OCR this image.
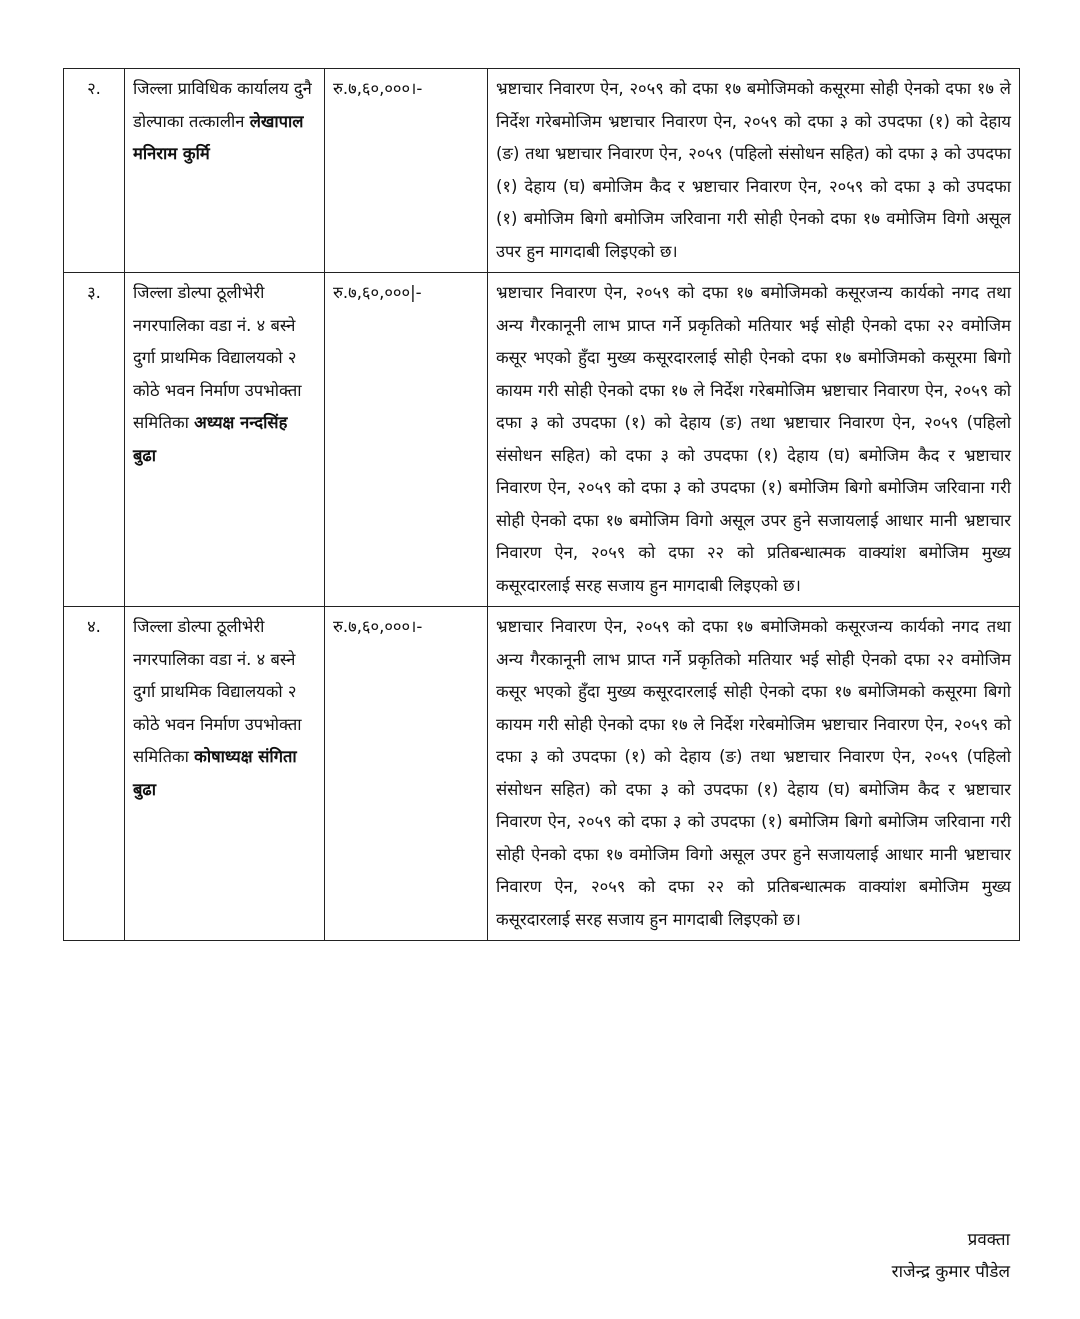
२.	जिल्ला प्राविधिक कार्यालय दुनै डोल्पाका तत्कालीन लेखापाल मनिराम कुर्मि	रु.७,६०,०००।-	भ्रष्टाचार निवारण ऐन, २०५९ को दफा १७ बमोजिमको कसूरमा सोही ऐनको दफा १७ ले निर्देश गरेबमोजिम भ्रष्टाचार निवारण ऐन, २०५९ को दफा ३ को उपदफा (१) को देहाय (ङ) तथा भ्रष्टाचार निवारण ऐन, २०५९ (पहिलो संसोधन सहित) को दफा ३ को उपदफा (१) देहाय (घ) बमोजिम कैद र भ्रष्टाचार निवारण ऐन, २०५९ को दफा ३ को उपदफा (१) बमोजिम बिगो बमोजिम जरिवाना गरी सोही ऐनको दफा १७ वमोजिम विगो असूल उपर हुन मागदाबी लिइएको छ।
३.	जिल्ला डोल्पा ठूलीभेरी नगरपालिका वडा नं. ४ बस्ने दुर्गा प्राथमिक विद्यालयको २ कोठे भवन निर्माण उपभोक्ता समितिका अध्यक्ष नन्दसिंह बुढा	रु.७,६०,०००|-	भ्रष्टाचार निवारण ऐन, २०५९ को दफा १७ बमोजिमको कसूरजन्य कार्यको नगद तथा अन्य गैरकानूनी लाभ प्राप्त गर्ने प्रकृतिको मतियार भई सोही ऐनको दफा २२ वमोजिम कसूर भएको हुँदा मुख्य कसूरदारलाई सोही ऐनको दफा १७ बमोजिमको कसूरमा बिगो कायम गरी सोही ऐनको दफा १७ ले निर्देश गरेबमोजिम भ्रष्टाचार निवारण ऐन, २०५९ को दफा ३ को उपदफा (१) को देहाय (ङ) तथा भ्रष्टाचार निवारण ऐन, २०५९ (पहिलो संसोधन सहित) को दफा ३ को उपदफा (१) देहाय (घ) बमोजिम कैद र भ्रष्टाचार निवारण ऐन, २०५९ को दफा ३ को उपदफा (१) बमोजिम बिगो बमोजिम जरिवाना गरी सोही ऐनको दफा १७ बमोजिम विगो असूल उपर हुने सजायलाई आधार मानी भ्रष्टाचार निवारण ऐन, २०५९ को दफा २२ को प्रतिबन्धात्मक वाक्यांश बमोजिम मुख्य कसूरदारलाई सरह सजाय हुन मागदाबी लिइएको छ।
४.	जिल्ला डोल्पा ठूलीभेरी नगरपालिका वडा नं. ४ बस्ने दुर्गा प्राथमिक विद्यालयको २ कोठे भवन निर्माण उपभोक्ता समितिका कोषाध्यक्ष संगिता बुढा	रु.७,६०,०००।-	भ्रष्टाचार निवारण ऐन, २०५९ को दफा १७ बमोजिमको कसूरजन्य कार्यको नगद तथा अन्य गैरकानूनी लाभ प्राप्त गर्ने प्रकृतिको मतियार भई सोही ऐनको दफा २२ वमोजिम कसूर भएको हुँदा मुख्य कसूरदारलाई सोही ऐनको दफा १७ बमोजिमको कसूरमा बिगो कायम गरी सोही ऐनको दफा १७ ले निर्देश गरेबमोजिम भ्रष्टाचार निवारण ऐन, २०५९ को दफा ३ को उपदफा (१) को देहाय (ङ) तथा भ्रष्टाचार निवारण ऐन, २०५९ (पहिलो संसोधन सहित) को दफा ३ को उपदफा (१) देहाय (घ) बमोजिम कैद र भ्रष्टाचार निवारण ऐन, २०५९ को दफा ३ को उपदफा (१) बमोजिम बिगो बमोजिम जरिवाना गरी सोही ऐनको दफा १७ वमोजिम विगो असूल उपर हुने सजायलाई आधार मानी भ्रष्टाचार निवारण ऐन, २०५९ को दफा २२ को प्रतिबन्धात्मक वाक्यांश बमोजिम मुख्य कसूरदारलाई सरह सजाय हुन मागदाबी लिइएको छ।
प्रवक्ता
राजेन्द्र कुमार पौडेल
